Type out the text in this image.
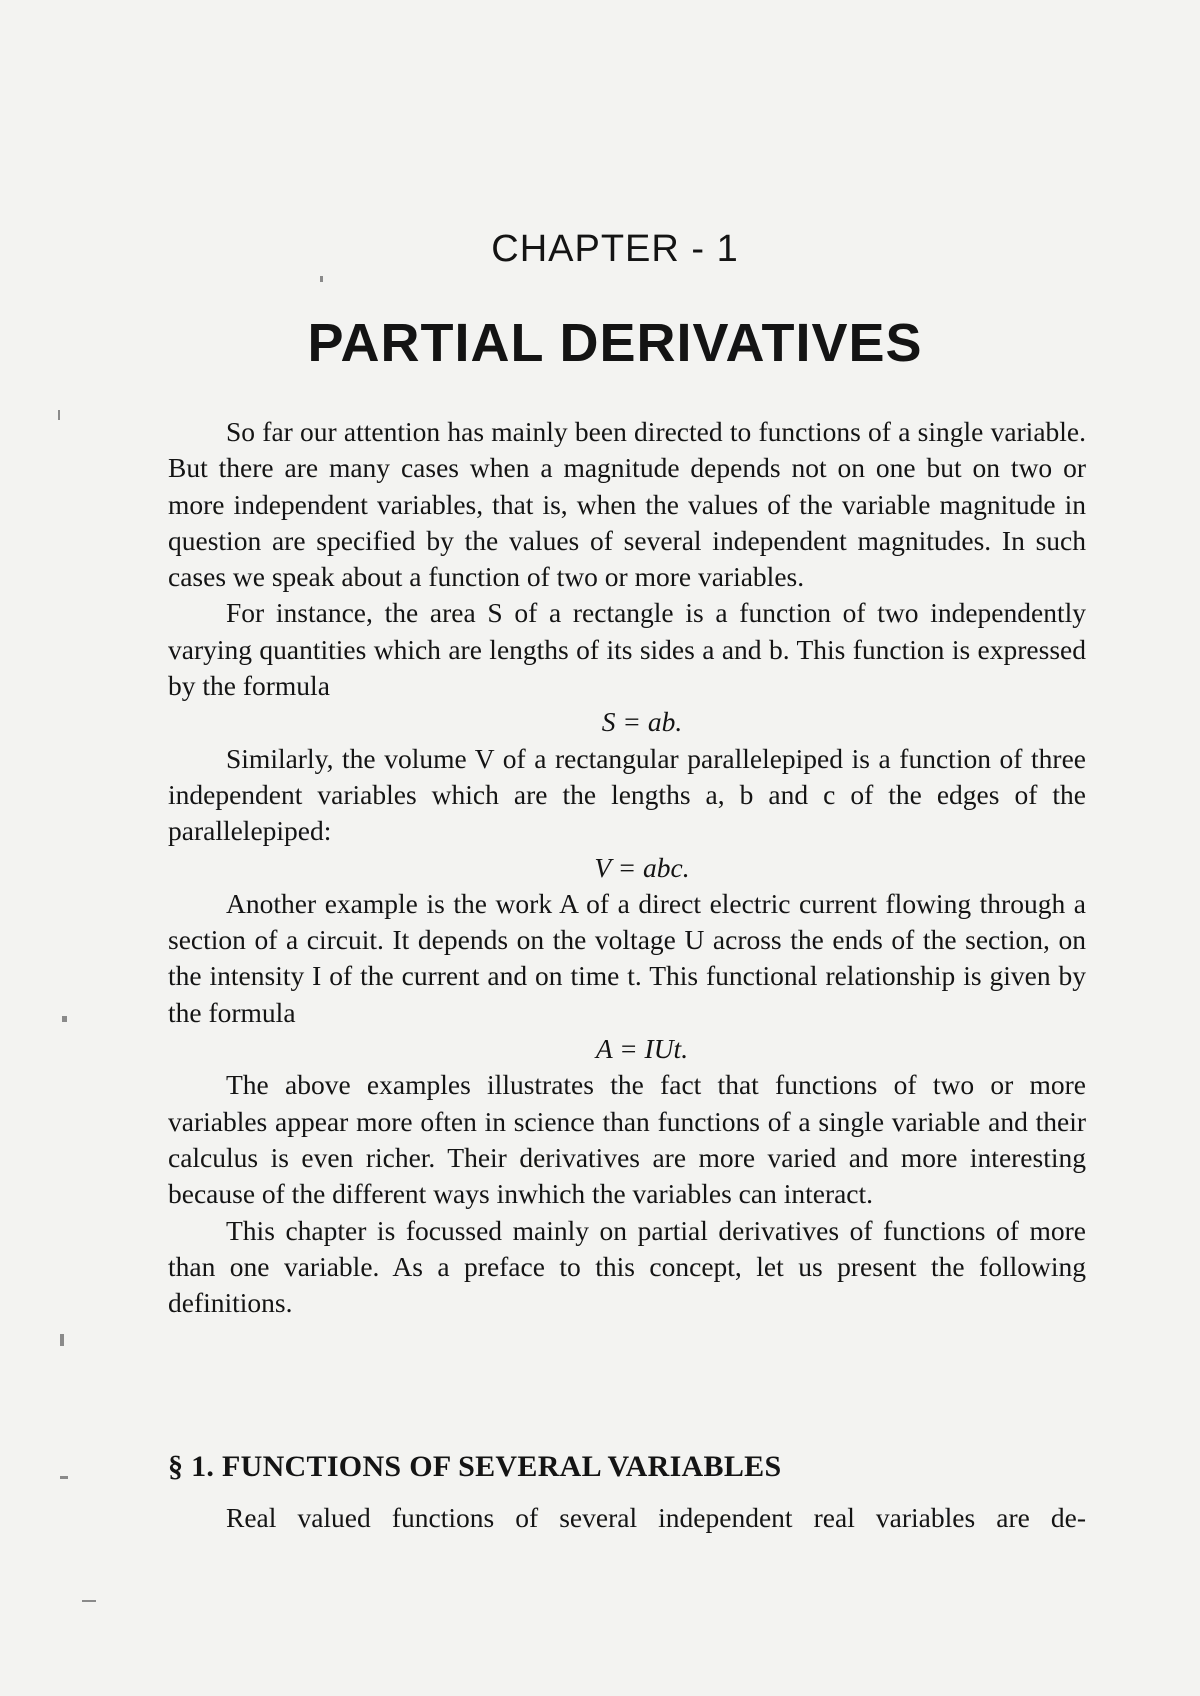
CHAPTER - 1
PARTIAL DERIVATIVES

So far our attention has mainly been directed to functions of a single variable. But there are many cases when a magnitude depends not on one but on two or more independent variables, that is, when the values of the variable magnitude in question are specified by the values of several independent magnitudes. In such cases we speak about a function of two or more variables.

For instance, the area S of a rectangle is a function of two independently varying quantities which are lengths of its sides a and b. This function is expressed by the formula

S = ab.

Similarly, the volume V of a rectangular parallelepiped is a function of three independent variables which are the lengths a, b and c of the edges of the parallelepiped:

V = abc.

Another example is the work A of a direct electric current flowing through a section of a circuit. It depends on the voltage U across the ends of the section, on the intensity I of the current and on time t. This functional relationship is given by the formula

A = IUt.

The above examples illustrates the fact that functions of two or more variables appear more often in science than functions of a single variable and their calculus is even richer. Their derivatives are more varied and more interesting because of the different ways inwhich the variables can interact.

This chapter is focussed mainly on partial derivatives of functions of more than one variable. As a preface to this concept, let us present the following definitions.

§ 1. FUNCTIONS OF SEVERAL VARIABLES
Real valued functions of several independent real variables are de-
